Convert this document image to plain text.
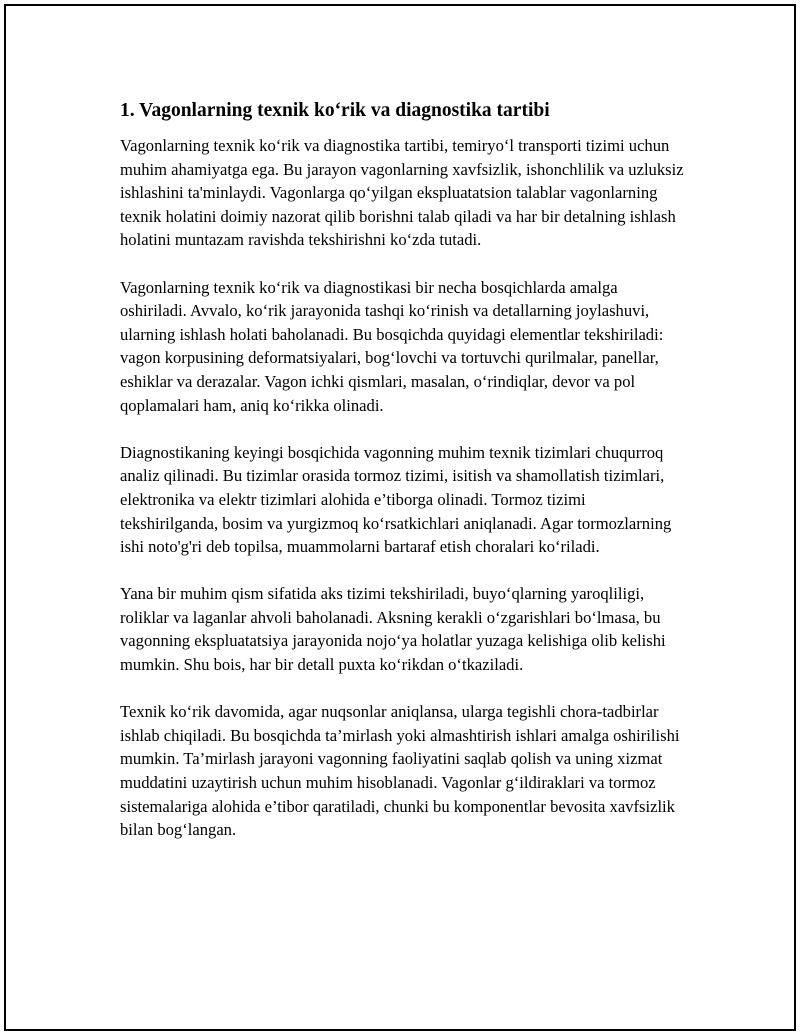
1. Vagonlarning texnik ko‘rik va diagnostika tartibi

Vagonlarning texnik ko‘rik va diagnostika tartibi, temiryo‘l transporti tizimi uchun muhim ahamiyatga ega. Bu jarayon vagonlarning xavfsizlik, ishonchlilik va uzluksiz ishlashini ta'minlaydi. Vagonlarga qo‘yilgan ekspluatatsion talablar vagonlarning texnik holatini doimiy nazorat qilib borishni talab qiladi va har bir detalning ishlash holatini muntazam ravishda tekshirishni ko‘zda tutadi.

Vagonlarning texnik ko‘rik va diagnostikasi bir necha bosqichlarda amalga oshiriladi. Avvalo, ko‘rik jarayonida tashqi ko‘rinish va detallarning joylashuvi, ularning ishlash holati baholanadi. Bu bosqichda quyidagi elementlar tekshiriladi: vagon korpusining deformatsiyalari, bog‘lovchi va tortuvchi qurilmalar, panellar, eshiklar va derazalar. Vagon ichki qismlari, masalan, o‘rindiqlar, devor va pol qoplamalari ham, aniq ko‘rikka olinadi.

Diagnostikaning keyingi bosqichida vagonning muhim texnik tizimlari chuqurroq analiz qilinadi. Bu tizimlar orasida tormoz tizimi, isitish va shamollatish tizimlari, elektronika va elektr tizimlari alohida e’tiborga olinadi. Tormoz tizimi tekshirilganda, bosim va yurgizmoq ko‘rsatkichlari aniqlanadi. Agar tormozlarning ishi noto'g'ri deb topilsa, muammolarni bartaraf etish choralari ko‘riladi.

Yana bir muhim qism sifatida aks tizimi tekshiriladi, buyo‘qlarning yaroqliligi, roliklar va laganlar ahvoli baholanadi. Aksning kerakli o‘zgarishlari bo‘lmasa, bu vagonning ekspluatatsiya jarayonida nojo‘ya holatlar yuzaga kelishiga olib kelishi mumkin. Shu bois, har bir detall puxta ko‘rikdan o‘tkaziladi.

Texnik ko‘rik davomida, agar nuqsonlar aniqlansa, ularga tegishli chora-tadbirlar ishlab chiqiladi. Bu bosqichda ta’mirlash yoki almashtirish ishlari amalga oshirilishi mumkin. Ta’mirlash jarayoni vagonning faoliyatini saqlab qolish va uning xizmat muddatini uzaytirish uchun muhim hisoblanadi. Vagonlar g‘ildiraklari va tormoz sistemalariga alohida e’tibor qaratiladi, chunki bu komponentlar bevosita xavfsizlik bilan bog‘langan.
